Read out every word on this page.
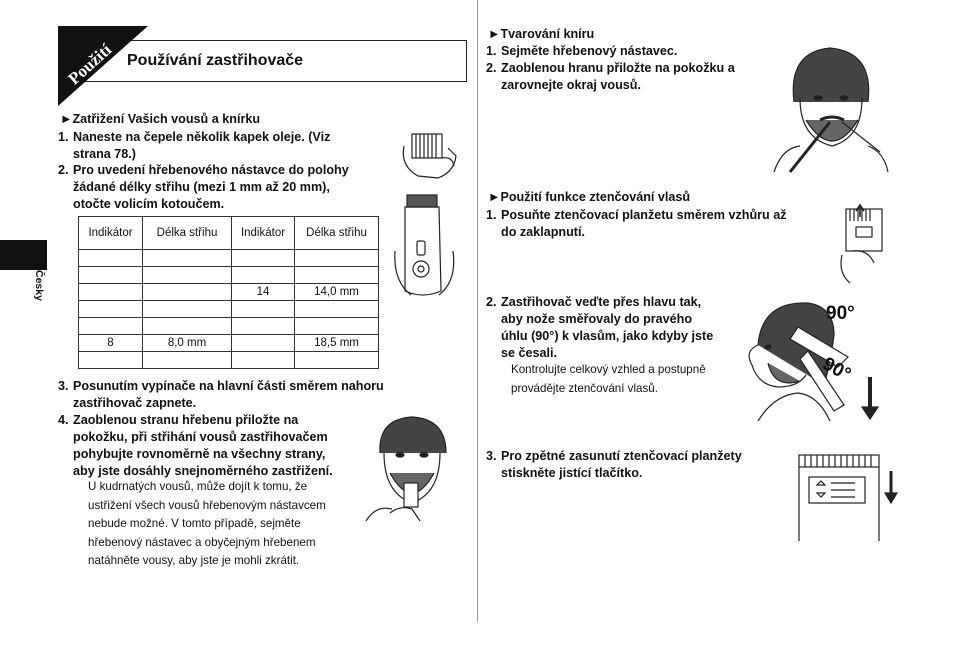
Použití Používání zastřihovače
Česky
►Zatřižení Vašich vousů a knírku
1. Naneste na čepele několik kapek oleje. (Viz
strana 78.)
2. Pro uvedení hřebenového nástavce do polohy
žádané délky střihu (mezi 1 mm až 20 mm),
otočte volicím kotoučem.
Indikátor	Délka střihu	Indikátor	Délka střihu

		14	14,0 mm

8	8,0 mm		18,5 mm

3. Posunutím vypínače na hlavní části směrem nahoru
zastřihovač zapnete.
4. Zaoblenou stranu hřebenu přiložte na
pokožku, při střihání vousů zastřihovačem
pohybujte rovnoměrně na všechny strany,
aby jste dosáhly snejnoměrného zastřižení.
U kudrnatých vousů, může dojít k tomu, že
ustřižení všech vousů hřebenovým nástavcem
nebude možné. V tomto případě, sejměte
hřebenový nástavec a obyčejným hřebenem
natáhněte vousy, aby jste je mohli zkrátit.
►Tvarování kníru
1. Sejměte hřebenový nástavec.
2. Zaoblenou hranu přiložte na pokožku a
zarovnejte okraj vousů.
►Použití funkce ztenčování vlasů
1. Posuňte ztenčovací planžetu směrem vzhůru až
do zaklapnutí.
2. Zastřihovač veďte přes hlavu tak,
aby nože směřovaly do pravého
úhlu (90°) k vlasům, jako kdyby jste
se česali.
Kontrolujte celkový vzhled a postupně
provádějte ztenčování vlasů.
3. Pro zpětné zasunutí ztenčovací planžety
stiskněte jistící tlačítko.
90°
90°
